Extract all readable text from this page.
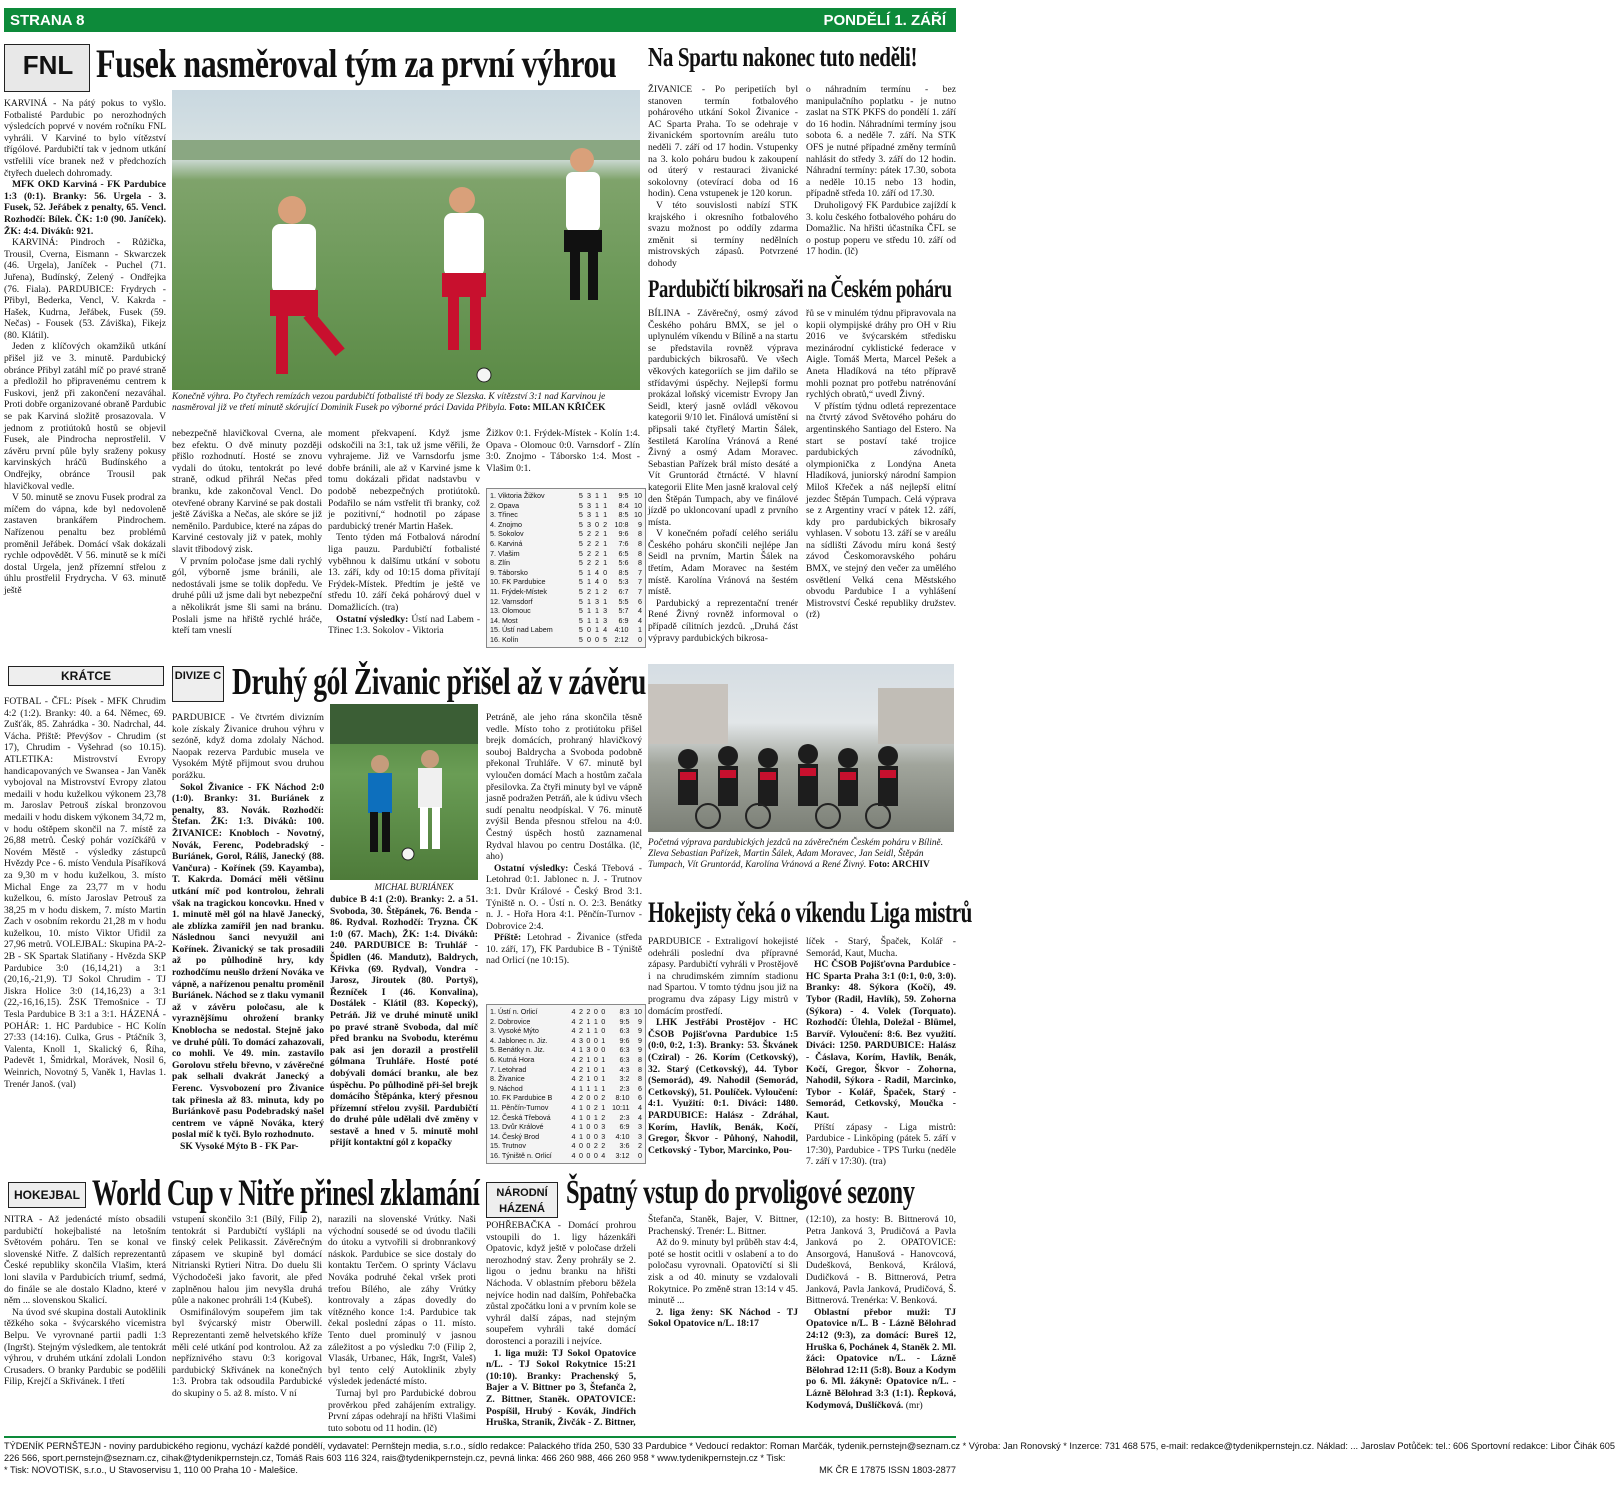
STRANA 8	PONDĚLÍ 1. ZÁŘÍ
FNL Fusek nasměroval tým za první výhrou
Konečně výhra. Po čtyřech remízách vezou pardubičtí fotbalisté tři body ze Slezska. K vítězství 3:1 nad Karvinou je nasměroval již ve třetí minutě skórující Dominik Fusek po výborné práci Davida Přibyla. Foto: MILAN KŘIČEK

KARVINÁ - Na pátý pokus to vyšlo. Fotbalisté Pardubic po nerozhodných výsledcích poprvé v novém ročníku FNL vyhráli. V Karviné to bylo vítězství třígólové. Pardubičtí tak v jednom utkání vstřelili více branek než v předchozích čtyřech duelech dohromady.

MFK OKD Karviná - FK Pardubice 1:3 (0:1). Branky: 56. Urgela - 3. Fusek, 52. Jeřábek z penalty, 65. Vencl. Rozhodčí: Bílek. ČK: 1:0 (90. Janíček). ŽK: 4:4. Diváků: 921.

KARVINÁ: Pindroch - Růžička, Trousil, Cverna, Eismann - Skwarczek (46. Urgela), Janíček - Puchel (71. Juřena), Budínský, Zelený - Ondřejka (76. Fiala). PARDUBICE: Frydrych - Přibyl, Bederka, Vencl, V. Kakrda - Hašek, Kudrna, Jeřábek, Fusek (59. Nečas) - Fousek (53. Záviška), Fikejz (80. Klátil).

Jeden z klíčových okamžiků utkání přišel již ve 3. minutě. Pardubický obránce Přibyl zatáhl míč po pravé straně a předložil ho připravenému centrem k Fuskovi, jenž při zakončení nezaváhal. Proti dobře organizované obraně Pardubic se pak Karviná složitě prosazovala. V jednom z protiútoků hostů se objevil Fusek, ale Pindrocha neprostřelil. V závěru první půle byly sraženy pokusy karvinských hráčů Budínského a Ondřejky, obránce Trousil pak hlavičkoval vedle.

V 50. minutě se znovu Fusek prodral za míčem do vápna, kde byl nedovoleně zastaven brankářem Pindrochem. Nařízenou penaltu bez problémů proměnil Jeřábek. Domácí však dokázali rychle odpovědět. V 56. minutě se k míči dostal Urgela, jenž přízemní střelou z úhlu prostřelil Frydrycha. V 63. minutě ještě

nebezpečně hlavičkoval Cverna, ale bez efektu. O dvě minuty později přišlo rozhodnutí. Hosté se znovu vydali do útoku, tentokrát po levé straně, odkud přihrál Nečas před branku, kde zakončoval Vencl. Do otevřené obrany Karviné se pak dostali ještě Záviška a Nečas, ale skóre se již neměnilo. Pardubice, které na zápas do Karviné cestovaly již v patek, mohly slavit třibodový zisk.

V prvním poločase jsme dali rychlý gól, výborně jsme bránili, ale nedostávali jsme se tolik dopředu. Ve druhé půli už jsme dali byt nebezpeční a několikrát jsme šli sami na bránu. Poslali jsme na hřiště rychlé hráče, kteří tam vneslí

moment překvapení. Když jsme odskočili na 3:1, tak už jsme věřili, že vyhrajeme. Již ve Varnsdorfu jsme dobře bránili, ale až v Karviné jsme k tomu dokázali přidat nadstavbu v podobě nebezpečných protiútoků. Podařilo se nám vstřelit tři branky, což je pozitivní,“ hodnotil po zápase pardubický trenér Martin Hašek.

Tento týden má Fotbalová národní liga pauzu. Pardubičtí fotbalisté vyběhnou k dalšímu utkání v sobotu 13. září, kdy od 10:15 doma přivítají Frýdek-Místek. Předtím je ještě ve středu 10. září čeká pohárový duel v Domažlicích. (tra)

Ostatní výsledky: Ústí nad Labem - Třinec 1:3. Sokolov - Viktoria

Žižkov 0:1. Frýdek-Místek - Kolín 1:4. Opava - Olomouc 0:0. Varnsdorf - Zlín 3:0. Znojmo - Táborsko 1:4. Most - Vlašim 0:1.

1. Viktoria Žižkov	5	3	1	1	9:5	10
2. Opava	5	3	1	1	8:4	10
3. Třinec	5	3	1	1	8:5	10
4. Znojmo	5	3	0	2	10:8	9
5. Sokolov	5	2	2	1	9:6	8
6. Karviná	5	2	2	1	7:6	8
7. Vlašim	5	2	2	1	6:5	8
8. Zlín	5	2	2	1	5:6	8
9. Táborsko	5	1	4	0	8:5	7
10. FK Pardubice	5	1	4	0	5:3	7
11. Frýdek-Místek	5	2	1	2	6:7	7
12. Varnsdorf	5	1	3	1	5:5	6
13. Olomouc	5	1	1	3	5:7	4
14. Most	5	1	1	3	6:9	4
15. Ústí nad Labem	5	0	1	4	4:10	1
16. Kolín	5	0	0	5	2:12	0
Na Spartu nakonec tuto neděli!

ŽIVANICE - Po peripetiích byl stanoven termín fotbalového pohárového utkání Sokol Živanice - AC Sparta Praha. To se odehraje v živanickém sportovním areálu tuto neděli 7. září od 17 hodin. Vstupenky na 3. kolo poháru budou k zakoupení od úterý v restauraci živanické sokolovny (otevírací doba od 16 hodin). Cena vstupenek je 120 korun.

V této souvislosti nabízí STK krajského i okresního fotbalového svazu možnost po oddíly zdarma změnit si termíny nedělních mistrovských zápasů. Potvrzené dohody

o náhradním termínu - bez manipulačního poplatku - je nutno zaslat na STK PKFS do pondělí 1. září do 16 hodin. Náhradními termíny jsou sobota 6. a neděle 7. září. Na STK OFS je nutné případné změny termínů nahlásit do středy 3. září do 12 hodin. Náhradní termíny: pátek 17.30, sobota a neděle 10.15 nebo 13 hodin, případně středa 10. září od 17.30.

Druholigový FK Pardubice zajíždí k 3. kolu českého fotbalového poháru do Domažlic. Na hřišti účastníka ČFL se o postup poperu ve středu 10. září od 17 hodin. (lč)

Pardubičtí bikrosaři na Českém poháru

BÍLINA - Závěrečný, osmý závod Českého poháru BMX, se jel o uplynulém víkendu v Bílině a na startu se představila rovněž výprava pardubických bikrosařů. Ve všech věkových kategoriích se jim dařilo se střídavými úspěchy. Nejlepší formu prokázal loňský vicemistr Evropy Jan Seidl, který jasně ovládl věkovou kategorii 9/10 let. Finálová umístění si připsali také čtyřletý Martin Šálek, šestiletá Karolína Vránová a René Živný a osmý Adam Moravec. Sebastian Pařízek brál místo desáté a Vít Gruntorád čtrnácté. V hlavní kategorii Elite Men jasně kraloval celý den Štěpán Tumpach, aby ve finálové jízdě po ukloncovaní upadl z prvního místa.

V konečném pořadí celého seriálu Českého poháru skončili nejlépe Jan Seidl na prvním, Martin Šálek na třetím, Adam Moravec na šestém místě. Karolína Vránová na šestém místě.

Pardubický a reprezentační trenér René Živný rovněž informoval o případě cílitních jezdců. „Druhá část výpravy pardubických bikrosa-

řů se v minulém týdnu připravovala na kopii olympijské dráhy pro OH v Riu 2016 ve švýcarském středisku mezinárodní cyklistické federace v Aigle. Tomáš Merta, Marcel Pešek a Aneta Hladíková na této přípravě mohli poznat pro potřebu natrénování rychlých obratů,“ uvedl Živný.

V přístím týdnu odletá reprezentace na čtvrtý závod Světového poháru do argentinského Santiago del Estero. Na start se postaví také trojice pardubických závodníků, olympionička z Londýna Aneta Hladíková, juniorský národní šampion Miloš Křeček a náš nejlepší elitní jezdec Štěpán Tumpach. Celá výprava se z Argentiny vrací v pátek 12. září, kdy pro pardubických bikrosařy vyhlasen. V sobotu 13. září se v areálu na sídlišti Závodu míru koná šestý závod Českomoravského poháru BMX, ve stejný den večer za umělého osvětlení Velká cena Městského obvodu Pardubice I a vyhlášení Mistrovství České republiky družstev. (rž)

Početná výprava pardubických jezdců na závěrečném Českém poháru v Bílině. Zleva Sebastian Pařízek, Martin Šálek, Adam Moravec, Jan Seidl, Štěpán Tumpach, Vít Gruntorád, Karolína Vránová a René Živný. Foto: ARCHIV
KRÁTCE

FOTBAL - ČFL: Písek - MFK Chrudim 4:2 (1:2). Branky: 40. a 64. Němec, 69. Zušťák, 85. Zahrádka - 30. Nadrchal, 44. Vácha. Přiště: Převýšov - Chrudim (st 17), Chrudim - Vyšehrad (so 10.15). ATLETIKA: Mistrovství Evropy handicapovaných ve Swansea - Jan Vaněk vybojoval na Mistrovství Evropy zlatou medaili v hodu kuželkou výkonem 23,78 m. Jaroslav Petrouš získal bronzovou medaili v hodu diskem výkonem 34,72 m, v hodu oštěpem skončil na 7. místě za 26,88 metrů. Český pohár vozíčkářů v Novém Městě - výsledky zástupců Hvězdy Pce - 6. místo Vendula Písaříková za 9,30 m v hodu kuželkou, 3. místo Michal Enge za 23,77 m v hodu kuželkou, 6. místo Jaroslav Petrouš za 38,25 m v hodu diskem, 7. místo Martin Zach v osobním rekordu 21,28 m v hodu kuželkou, 10. místo Viktor Ufidil za 27,96 metrů. VOLEJBAL: Skupina PA-2-2B - SK Spartak Slatiňany - Hvězda SKP Pardubice 3:0 (16,14,21) a 3:1 (20,16,-21,9). TJ Sokol Chrudim - TJ Jiskra Holice 3:0 (14,16,23) a 3:1 (22,-16,16,15). ŽSK Třemošnice - TJ Tesla Pardubice B 3:1 a 3:1. HÁZENÁ - POHÁR: 1. HC Pardubice - HC Kolín 27:33 (14:16). Culka, Grus - Ptáčník 3, Valenta, Knoll 1, Skalický 6, Říha, Padevět 1, Šmidrkal, Morávek, Nosil 6, Weinrich, Novotný 5, Vaněk 1, Havlas 1. Trenér Janoš. (val)

DIVIZE C Druhý gól Živanic přišel až v závěru

PARDUBICE - Ve čtvrtém divizním kole získaly Živanice druhou výhru v sezóně, když doma zdolaly Náchod. Naopak rezerva Pardubic musela ve Vysokém Mýtě přijmout svou druhou porážku.

Sokol Živanice - FK Náchod 2:0 (1:0). Branky: 31. Buriánek z penalty, 83. Novák. Rozhodčí: Štefan. ŽK: 1:3. Diváků: 100. ŽIVANICE: Knobloch - Novotný, Novák, Ferenc, Podebradský - Buriánek, Gorol, Ráliš, Janecký (88. Vančura) - Kořínek (59. Kayamba), T. Kakrda. Domácí měli většinu utkání míč pod kontrolou, žehrali však na tragickou koncovku. Hned v 1. minutě měl gól na hlavě Janecký, ale zblízka zamířil jen nad branku. Následnou šanci nevyužil ani Kořínek. Živanický se tak prosadili až po půlhodině hry, kdy rozhodčímu neušlo držení Novákа ve vápně, a nařízenou penaltu proměnil Buriánek. Náchod se z tlaku vymanil až v závěru poločasu, ale k vyraznějšímu ohrožení branky Knoblocha se nedostal. Stejně jako ve druhé půli. To domácí zahazovali, co mohli. Ve 49. min. zastavilo Gorolovu střelu břevno, v závěrečné pak selhali dvakrát Janecký a Ferenc. Vysvobození pro Živanice tak přinesla až 83. minuta, kdy po Buriánkově pasu Podebradský našel centrem ve vápně Nováka, který poslal míč k tyči. Bylo rozhodnuto.

SK Vysoké Mýto B - FK Par-

MICHAL BURIÁNEK

dubice B 4:1 (2:0). Branky: 2. a 51. Svoboda, 30. Štěpánek, 76. Benda - 86. Rydval. Rozhodčí: Tryzna. ČK 1:0 (67. Mach), ŽK: 1:4. Diváků: 240. PARDUBICE B: Truhlář - Špidlen (46. Mandutz), Baldrych, Křivka (69. Rydval), Vondra - Jarosz, Jiroutek (80. Portyš), Řezníček I (46. Konvalina), Dostálek - Klátil (83. Kopecký), Petráň. Již ve druhé minutě unikl po pravé straně Svoboda, dal míč před branku na Svobodu, kterému pak asi jen dorazil a prostřelil gólmana Truhláře. Hosté poté dobývali domácí branku, ale bez úspěchu. Po půlhodině při-šel brejk domácího Štěpánka, který přesnou přízemní střelou zvyšil. Pardubičtí do druhé půle udělali dvě změny v sestavě a hned v 5. minutě mohl přijít kontaktní gól z kopačky

Petráně, ale jeho rána skončila těsně vedle. Místo toho z protiútoku přišel brejk domácích, prohraný hlavičkový souboj Baldrycha a Svoboda podobně překonal Truhláře. V 67. minutě byl vyloučen domácí Mach a hostům začala přesilovka. Za čtyři minuty byl ve vápně jasně podražen Petráň, ale k údivu všech sudí penaltu neodpískal. V 76. minutě zvýšil Benda přesnou střelou na 4:0. Čestný úspěch hostů zaznamenal Rydval hlavou po centru Dostálka. (lč, aho)

Ostatní výsledky: Česká Třebová - Letohrad 0:1. Jablonec n. J. - Trutnov 3:1. Dvůr Králové - Český Brod 3:1. Týniště n. O. - Ústí n. O. 2:3. Benátky n. J. - Hořa Hora 4:1. Pěnčín-Turnov - Dobrovice 2:4.

Příště: Letohrad - Živanice (středa 10. září, 17), FK Pardubice B - Týniště nad Orlicí (ne 10:15).

1. Ústí n. Orlicí	4	2	2	0	0	8:3	10
2. Dobrovice	4	2	1	1	0	9:5	9
3. Vysoké Mýto	4	2	1	1	0	6:3	9
4. Jablonec n. Jiz.	4	3	0	0	1	9:6	9
5. Benátky n. Jiz.	4	1	3	0	0	6:3	9
6. Kutná Hora	4	2	1	0	1	6:3	8
7. Letohrad	4	2	1	0	1	4:3	8
8. Živanice	4	2	1	0	1	3:2	8
9. Náchod	4	1	1	1	1	2:3	6
10. FK Pardubice B	4	2	0	0	2	8:10	6
11. Pěnčín-Turnov	4	1	0	2	1	10:11	4
12. Česká Třebová	4	1	0	1	2	2:3	4
13. Dvůr Králové	4	1	0	0	3	6:9	3
14. Český Brod	4	1	0	0	3	4:10	3
15. Trutnov	4	0	0	2	2	3:6	2
16. Týniště n. Orlicí	4	0	0	0	4	3:12	0
Hokejisty čeká o víkendu Liga mistrů

PARDUBICE - Extraligoví hokejisté odehráli poslední dva přípravné zápasy. Pardubičtí vyhráli v Prostějově i na chrudimském zimním stadionu nad Spartou. V tomto týdnu jsou již na programu dva zápasy Ligy mistrů v domácím prostředí.

LHK Jestřábi Prostějov - HC ČSOB Pojišťovna Pardubice 1:5 (0:0, 0:2, 1:3). Branky: 53. Škvánek (Cziral) - 26. Korím (Cetkovský), 32. Starý (Cetkovský), 44. Tybor (Semorád), 49. Nahodil (Semorád, Cetkovský), 51. Poulíček. Vyloučení: 4:1. Využití: 0:1. Diváci: 1480. PARDUBICE: Halász - Zdráhal, Korím, Havlík, Benák, Kočí, Gregor, Škvor - Půhoný, Nahodil, Cetkovský - Tybor, Marcinko, Pou-

líček - Starý, Špaček, Kolář - Semorád, Kaut, Mucha.

HC ČSOB Pojišťovna Pardubice - HC Sparta Praha 3:1 (0:1, 0:0, 3:0). Branky: 48. Sýkora (Kočí), 49. Tybor (Radil, Havlík), 59. Zohorna (Sýkora) - 4. Volek (Torquato). Rozhodčí: Úlehla, Doležal - Blümel, Barvíř. Vyloučení: 8:6. Bez využití. Diváci: 1250. PARDUBICE: Halász - Čáslava, Korím, Havlík, Benák, Kočí, Gregor, Škvor - Zohorna, Nahodil, Sýkora - Radil, Marcinko, Tybor - Kolář, Špaček, Starý - Semorád, Cetkovský, Moučka - Kaut.

Příští zápasy - Liga mistrů: Pardubice - Linköping (pátek 5. září v 17:30), Pardubice - TPS Turku (neděle 7. září v 17:30). (tra)

HOKEJBAL World Cup v Nitře přinesl zklamání

NITRA - Až jedenácté místo obsadili pardubičtí hokejbalisté na letošním Světovém poháru. Ten se konal ve slovenské Nitře. Z dalších reprezentantů České republiky skončila Vlašim, která loni slavila v Pardubicích triumf, sedmá, do finále se ale dostalo Kladno, které v něm ... slovenskou Skalicí.

Na úvod své skupina dostali Autoklinik těžkého soka - švýcarského vicemistra Belpu. Ve vyrovnané partii padli 1:3 (Ingršt). Stejným výsledkem, ale tentokrát výhrou, v druhém utkání zdolali London Crusaders. O branky Pardubic se podělili Filip, Krejčí a Skřivánek. I třetí

vstupení skončilo 3:1 (Bílý, Filip 2), tentokrát si Pardubičtí vyšlápli na finský celek Pelikassit. Závěrečným zápasem ve skupině byl domácí Nitrianski Rytieri Nitra. Do duelu šli Východočeši jako favorit, ale před zaplněnou halou jim nevyšla druhá půle a nakonec prohráli 1:4 (Kubeš).

Osmifinálovým soupeřem jim tak byl švýcarský mistr Oberwill. Reprezentanti země helvetského kříže měli celé utkání pod kontrolou. Až za nepříznivého stavu 0:3 korigoval pardubický Skřivánek na konečných 1:3. Probra tak odsoudila Pardubické do skupiny o 5. až 8. místo. V ní

narazili na slovenské Vrútky. Naši východní sousedé se od úvodu tlačili do útoku a vytvořili si drobnrankový náskok. Pardubice se sice dostaly do kontaktu Terčem. O sprinty Václavu Nováka podruhé čekal vršek proti trefou Bílého, ale záhy Vrútky kontrovaly a zápas dovedly do vítězného konce 1:4. Pardubice tak čekal poslední zápas o 11. místo. Tento duel prominulý v jasnou záležitost a po výsledku 7:0 (Filip 2, Vlasák, Urbanec, Hák, Ingršt, Valeš) byl tento celý Autoklinik zbyly výsledek jedenácté místo.

Turnaj byl pro Pardubické dobrou prověrkou před zahájením extraligy. První zápas odehrají na hřišti Vlašimi tuto sobotu od 11 hodin. (lč)

NÁRODNÍ HÁZENÁ Špatný vstup do prvoligové sezony

POHŘEBAČKA - Domácí prohrou vstoupili do 1. ligy házenkáři Opatovic, když ještě v poločase drželi nerozhodný stav. Ženy prohrály se 2. ligou o jednu branku na hřišti Náchoda. V oblastním přeboru běžela nejvíce hodin nad dalším, Pohřebačka zůstal zpočátku loni a v prvním kole se vyhrál další zápas, nad stejným soupeřem vyhráli také domácí dorostenci a porazili i nejvíce.

1. liga muži: TJ Sokol Opatovice n/L. - TJ Sokol Rokytnice 15:21 (10:10). Branky: Prachenský 5, Bajer a V. Bittner po 3, Štefanča 2, Z. Bittner, Staněk. OPATOVICE: Pospíšil, Hrubý - Kovák, Jindřich Hruška, Stranik, Živčák - Z. Bittner,

Štefanča, Staněk, Bajer, V. Bittner, Prachenský. Trenér: L. Bittner.

Až do 9. minuty byl průběh stav 4:4, poté se hostit ocitli v oslabení a to do poločasu vyrovnali. Opatovičtí si šli zisk a od 40. minuty se vzdalovali Rokytnice. Po změně stran 13:14 v 45. minutě ...

2. liga ženy: SK Náchod - TJ Sokol Opatovice n/L. 18:17

(12:10), za hosty: B. Bittnerová 10, Petra Janková 3, Prudičová a Pavla Janková po 2. OPATOVICE: Ansorgová, Hanušová - Hanovcová, Dudešková, Benková, Králová, Dudičková - B. Bittnerová, Petra Janková, Pavla Janková, Prudičová, Š. Bittnerová. Trenérka: V. Benková.

Oblastní přebor muži: TJ Opatovice n/L. B - Lázně Bělohrad 24:12 (9:3), za domácí: Bureš 12, Hruška 6, Pochánek 4, Staněk 2. Ml. žáci: Opatovice n/L. - Lázně Bělohrad 12:11 (5:8). Bouz a Kodym po 6. Ml. žákyně: Opatovice n/L. - Lázně Bělohrad 3:3 (1:1). Řepková, Kodymová, Dušlíčková. (mr)

TÝDENÍK PERNŠTEJN - noviny pardubického regionu, vychází každé pondělí, vydavatel: Pernštejn media, s.r.o., sídlo redakce: Palackého třída 250, 530 33 Pardubice * Vedoucí redaktor: Roman Marčák, tydenik.pernstejn@seznam.cz * Výroba: Jan Ronovský * Inzerce: 731 468 575, e-mail: redakce@tydenikpernstejn.cz. Náklad: ... Jaroslav Potůček: tel.: 606 Sportovní redakce: Libor Čihák 605
226 566, sport.pernstejn@seznam.cz, cihak@tydenikpernstejn.cz, Tomáš Rais 603 116 324, rais@tydenikpernstejn.cz, pevná linka: 466 260 988, 466 260 958 * www.tydenikpernstejn.cz * Tisk:
* Tisk: NOVOTISK, s.r.o., U Stavoservisu 1, 110 00 Praha 10 - Malešice.	MK ČR E 17875 ISSN 1803-2877
